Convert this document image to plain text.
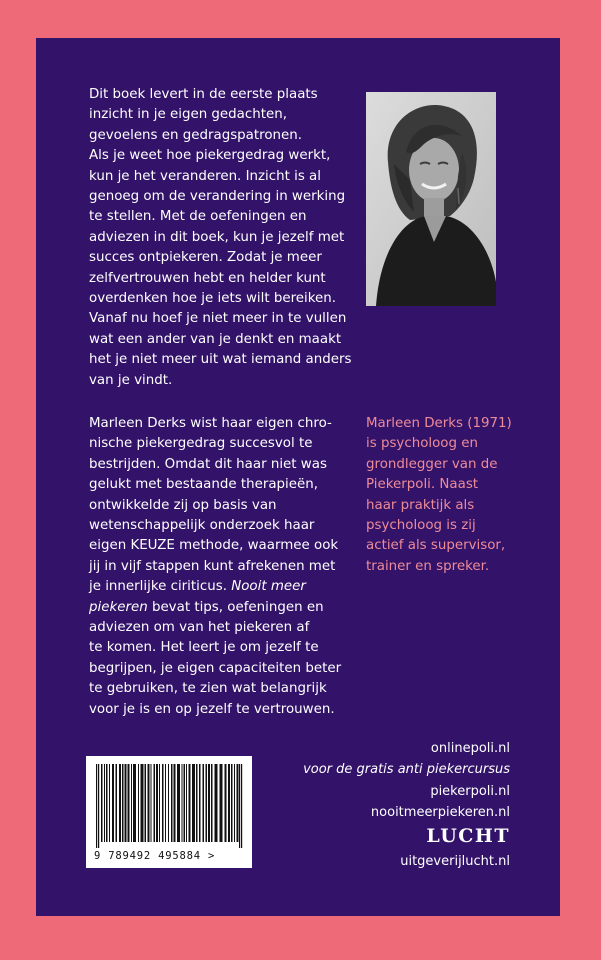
Dit boek levert in de eerste plaats
inzicht in je eigen gedachten,
gevoelens en gedragspatronen.
Als je weet hoe piekergedrag werkt,
kun je het veranderen. Inzicht is al
genoeg om de verandering in werking
te stellen. Met de oefeningen en
adviezen in dit boek, kun je jezelf met
succes ontpiekeren. Zodat je meer
zelfvertrouwen hebt en helder kunt
overdenken hoe je iets wilt bereiken.
Vanaf nu hoef je niet meer in te vullen
wat een ander van je denkt en maakt
het je niet meer uit wat iemand anders
van je vindt.

Marleen Derks wist haar eigen chro-
nische piekergedrag succesvol te
bestrijden. Omdat dit haar niet was
gelukt met bestaande therapieën,
ontwikkelde zij op basis van
wetenschappelijk onderzoek haar
eigen KEUZE methode, waarmee ook
jij in vijf stappen kunt afrekenen met
je innerlijke ciriticus. Nooit meer
piekeren bevat tips, oefeningen en
adviezen om van het piekeren af
te komen. Het leert je om jezelf te
begrijpen, je eigen capaciteiten beter
te gebruiken, te zien wat belangrijk
voor je is en op jezelf te vertrouwen.

Marleen Derks (1971)
is psycholoog en
grondlegger van de
Piekerpoli. Naast
haar praktijk als
psycholoog is zij
actief als supervisor,
trainer en spreker.

9 789492 495884 >
onlinepoli.nl
voor de gratis anti piekercursus
piekerpoli.nl
nooitmeerpiekeren.nl
LUCHT
uitgeverijlucht.nl
